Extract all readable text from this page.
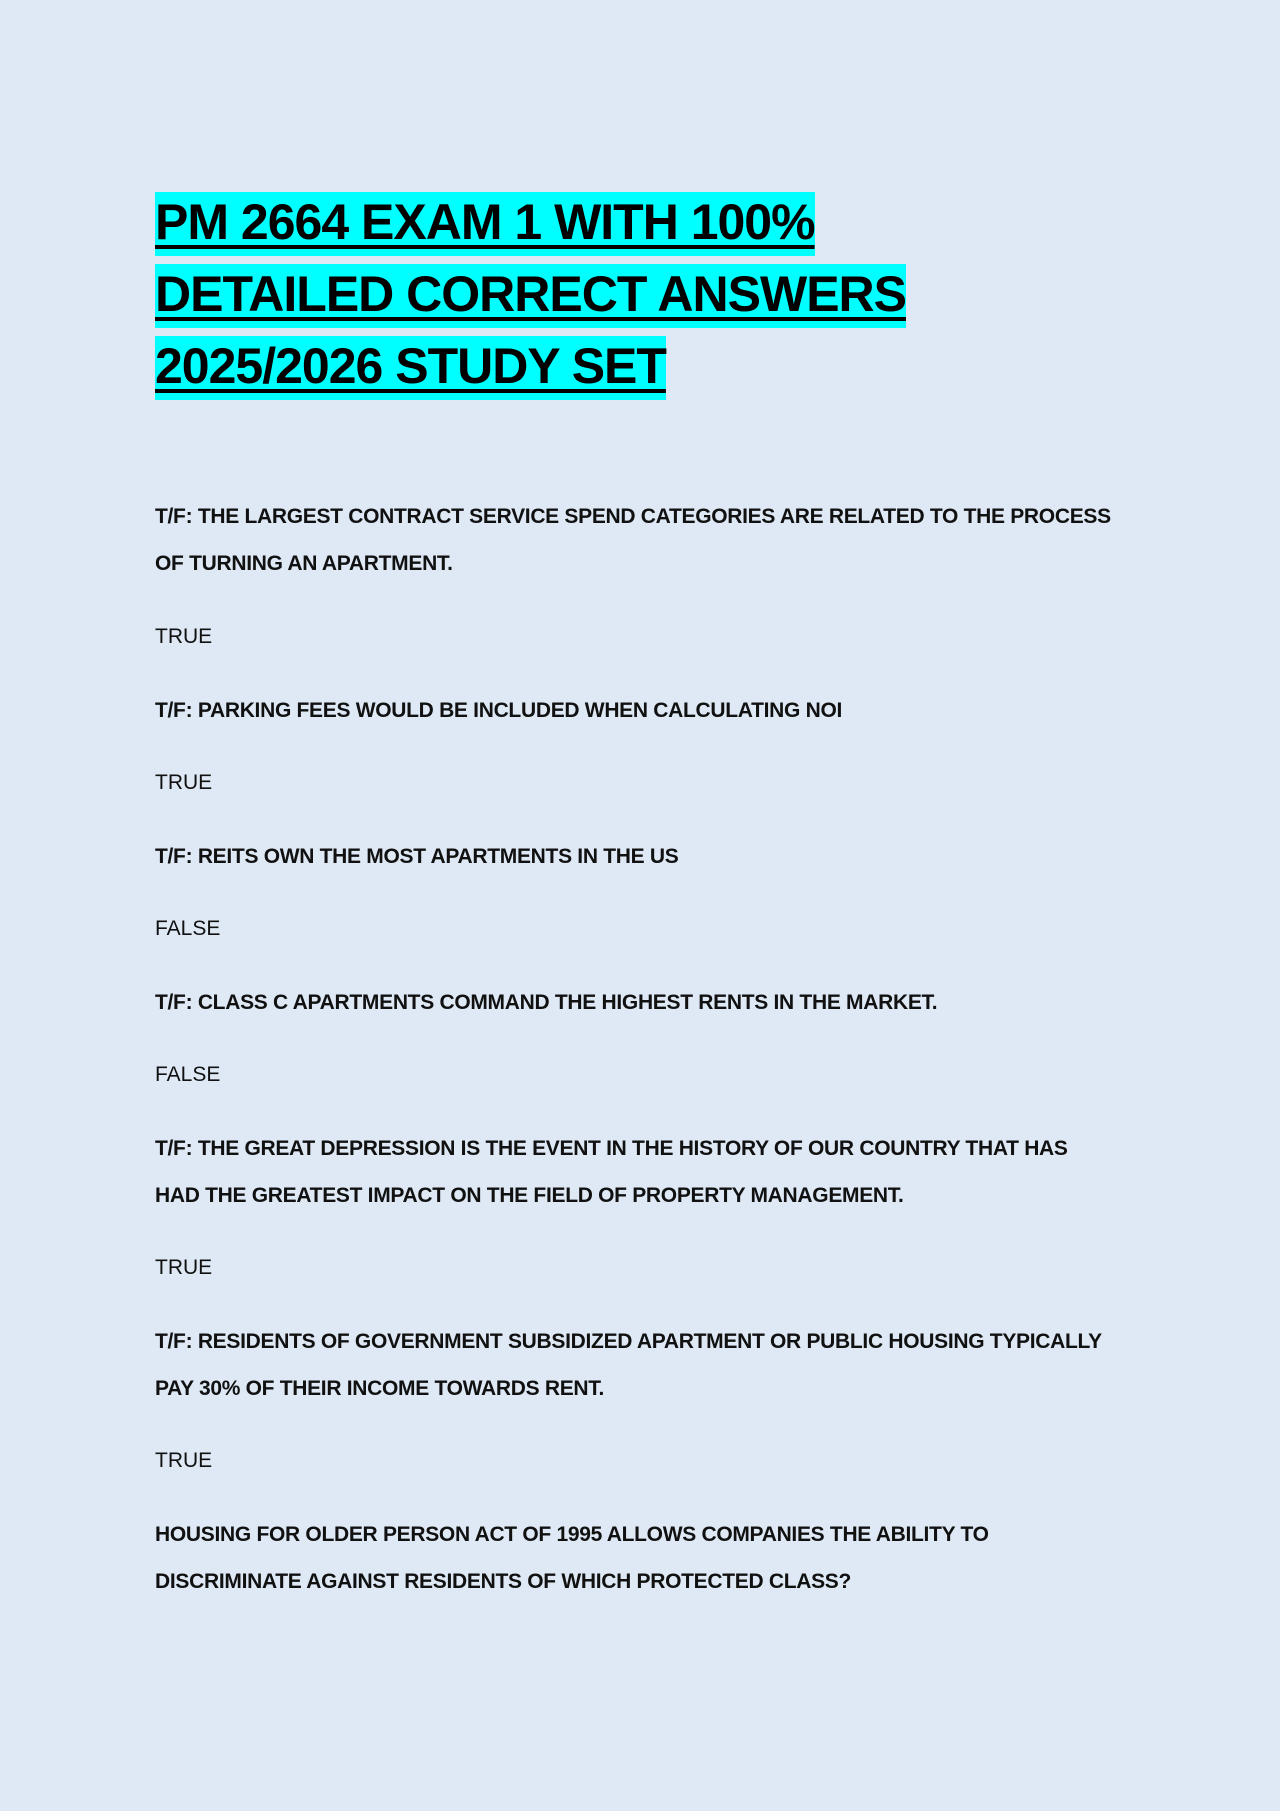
PM 2664 EXAM 1 WITH 100%
DETAILED CORRECT ANSWERS
2025/2026 STUDY SET

T/F: THE LARGEST CONTRACT SERVICE SPEND CATEGORIES ARE RELATED TO THE PROCESS OF TURNING AN APARTMENT.

TRUE

T/F: PARKING FEES WOULD BE INCLUDED WHEN CALCULATING NOI

TRUE

T/F: REITS OWN THE MOST APARTMENTS IN THE US

FALSE

T/F: CLASS C APARTMENTS COMMAND THE HIGHEST RENTS IN THE MARKET.

FALSE

T/F: THE GREAT DEPRESSION IS THE EVENT IN THE HISTORY OF OUR COUNTRY THAT HAS HAD THE GREATEST IMPACT ON THE FIELD OF PROPERTY MANAGEMENT.

TRUE

T/F: RESIDENTS OF GOVERNMENT SUBSIDIZED APARTMENT OR PUBLIC HOUSING TYPICALLY PAY 30% OF THEIR INCOME TOWARDS RENT.

TRUE

HOUSING FOR OLDER PERSON ACT OF 1995 ALLOWS COMPANIES THE ABILITY TO DISCRIMINATE AGAINST RESIDENTS OF WHICH PROTECTED CLASS?
